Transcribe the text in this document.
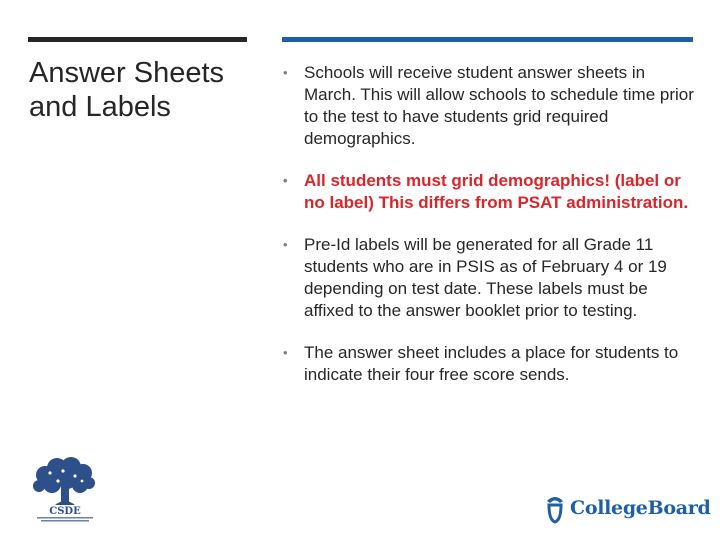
Answer Sheets
and Labels
• Schools will receive student answer sheets in March. This will allow schools to schedule time prior to the test to have students grid required demographics.
• All students must grid demographics! (label or no label) This differs from PSAT administration.
• Pre-Id labels will be generated for all Grade 11 students who are in PSIS as of February 4 or 19 depending on test date. These labels must be affixed to the answer booklet prior to testing.
• The answer sheet includes a place for students to indicate their four free score sends.
CSDE	CollegeBoard
